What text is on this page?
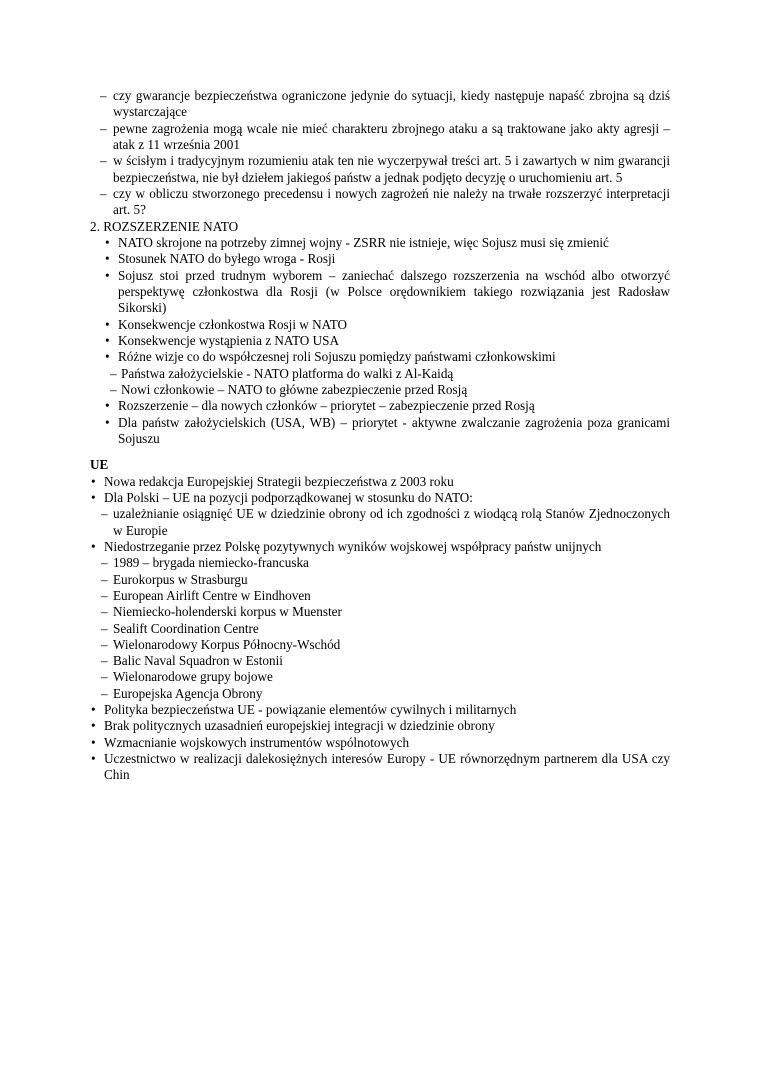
– czy gwarancje bezpieczeństwa ograniczone jedynie do sytuacji, kiedy następuje napaść zbrojna są dziś wystarczające
– pewne zagrożenia mogą wcale nie mieć charakteru zbrojnego ataku a są traktowane jako akty agresji – atak z 11 września 2001
– w ścisłym i tradycyjnym rozumieniu atak ten nie wyczerpywał treści art. 5 i zawartych w nim gwarancji bezpieczeństwa, nie był dziełem jakiegoś państw a jednak podjęto decyzję o uruchomieniu art. 5
– czy w obliczu stworzonego precedensu i nowych zagrożeń nie należy na trwałe rozszerzyć interpretacji art. 5?
2. ROZSZERZENIE NATO
• NATO skrojone na potrzeby zimnej wojny - ZSRR nie istnieje, więc Sojusz musi się zmienić
• Stosunek NATO do byłego wroga - Rosji
• Sojusz stoi przed trudnym wyborem – zaniechać dalszego rozszerzenia na wschód albo otworzyć perspektywę członkostwa dla Rosji (w Polsce orędownikiem takiego rozwiązania jest Radosław Sikorski)
• Konsekwencje członkostwa Rosji w NATO
• Konsekwencje wystąpienia z NATO USA
• Różne wizje co do współczesnej roli Sojuszu pomiędzy państwami członkowskimi
– Państwa założycielskie - NATO platforma do walki z Al-Kaidą
– Nowi członkowie – NATO to główne zabezpieczenie przed Rosją
• Rozszerzenie – dla nowych członków – priorytet – zabezpieczenie przed Rosją
• Dla państw założycielskich (USA, WB) – priorytet - aktywne zwalczanie zagrożenia poza granicami Sojuszu
UE
• Nowa redakcja Europejskiej Strategii bezpieczeństwa z 2003 roku
• Dla Polski – UE na pozycji podporządkowanej w stosunku do NATO:
– uzależnianie osiągnięć UE w dziedzinie obrony od ich zgodności z wiodącą rolą Stanów Zjednoczonych w Europie
• Niedostrzeganie przez Polskę pozytywnych wyników wojskowej współpracy państw unijnych
– 1989 – brygada niemiecko-francuska
– Eurokorpus w Strasburgu
– European Airlift Centre w Eindhoven
– Niemiecko-holenderski korpus w Muenster
– Sealift Coordination Centre
– Wielonarodowy Korpus Północny-Wschód
– Balic Naval Squadron w Estonii
– Wielonarodowe grupy bojowe
– Europejska Agencja Obrony
• Polityka bezpieczeństwa UE - powiązanie elementów cywilnych i militarnych
• Brak politycznych uzasadnień europejskiej integracji w dziedzinie obrony
• Wzmacnianie wojskowych instrumentów wspólnotowych
• Uczestnictwo w realizacji dalekosiężnych interesów Europy - UE równorzędnym partnerem dla USA czy Chin
